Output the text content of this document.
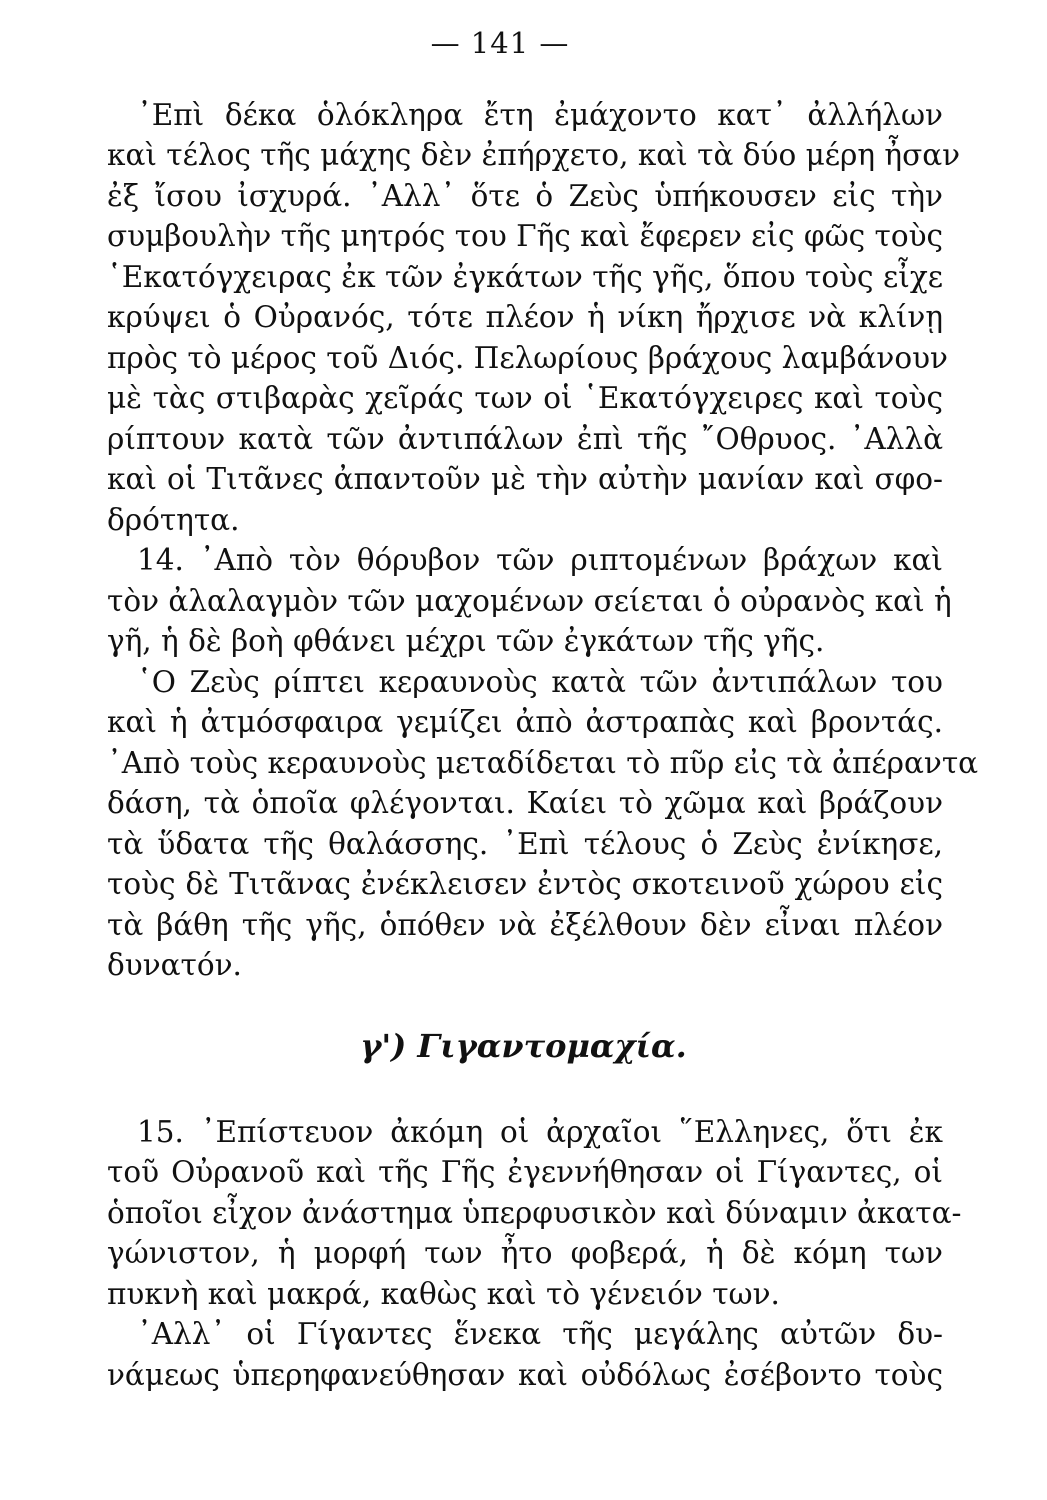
— 141 —
᾿Επὶ δέκα ὁλόκληρα ἔτη ἐμάχοντο κατ᾿ ἀλλήλων
καὶ τέλος τῆς μάχης δὲν ἐπήρχετο, καὶ τὰ δύο μέρη ἦσαν
ἐξ ἴσου ἰσχυρά. ᾿Αλλ᾿ ὅτε ὁ Ζεὺς ὑπήκουσεν εἰς τὴν
συμβουλὴν τῆς μητρός του Γῆς καὶ ἔφερεν εἰς φῶς τοὺς
῾Εκατόγχειρας ἐκ τῶν ἐγκάτων τῆς γῆς, ὅπου τοὺς εἶχε
κρύψει ὁ Οὐρανός, τότε πλέον ἡ νίκη ἤρχισε νὰ κλίνῃ
πρὸς τὸ μέρος τοῦ Διός. Πελωρίους βράχους λαμβάνουν
μὲ τὰς στιβαρὰς χεῖράς των οἱ ῾Εκατόγχειρες καὶ τοὺς
ρίπτουν κατὰ τῶν ἀντιπάλων ἐπὶ τῆς ῎Οθρυος. ᾿Αλλὰ
καὶ οἱ Τιτᾶνες ἀπαντοῦν μὲ τὴν αὐτὴν μανίαν καὶ σφο-
δρότητα.
14. ᾿Απὸ τὸν θόρυβον τῶν ριπτομένων βράχων καὶ
τὸν ἀλαλαγμὸν τῶν μαχομένων σείεται ὁ οὐρανὸς καὶ ἡ
γῆ, ἡ δὲ βοὴ φθάνει μέχρι τῶν ἐγκάτων τῆς γῆς.
῾Ο Ζεὺς ρίπτει κεραυνοὺς κατὰ τῶν ἀντιπάλων του
καὶ ἡ ἀτμόσφαιρα γεμίζει ἀπὸ ἀστραπὰς καὶ βροντάς.
᾿Απὸ τοὺς κεραυνοὺς μεταδίδεται τὸ πῦρ εἰς τὰ ἀπέραντα
δάση, τὰ ὁποῖα φλέγονται. Καίει τὸ χῶμα καὶ βράζουν
τὰ ὕδατα τῆς θαλάσσης. ᾿Επὶ τέλους ὁ Ζεὺς ἐνίκησε,
τοὺς δὲ Τιτᾶνας ἐνέκλεισεν ἐντὸς σκοτεινοῦ χώρου εἰς
τὰ βάθη τῆς γῆς, ὁπόθεν νὰ ἐξέλθουν δὲν εἶναι πλέον
δυνατόν.
γ') Γιγαντομαχία.
15. ᾿Επίστευον ἀκόμη οἱ ἀρχαῖοι ῞Ελληνες, ὅτι ἐκ
τοῦ Οὐρανοῦ καὶ τῆς Γῆς ἐγεννήθησαν οἱ Γίγαντες, οἱ
ὁποῖοι εἶχον ἀνάστημα ὑπερφυσικὸν καὶ δύναμιν ἀκατα-
γώνιστον, ἡ μορφή των ἦτο φοβερά, ἡ δὲ κόμη των
πυκνὴ καὶ μακρά, καθὼς καὶ τὸ γένειόν των.
᾿Αλλ᾿ οἱ Γίγαντες ἕνεκα τῆς μεγάλης αὐτῶν δυ-
νάμεως ὑπερηφανεύθησαν καὶ οὐδόλως ἐσέβοντο τοὺς
